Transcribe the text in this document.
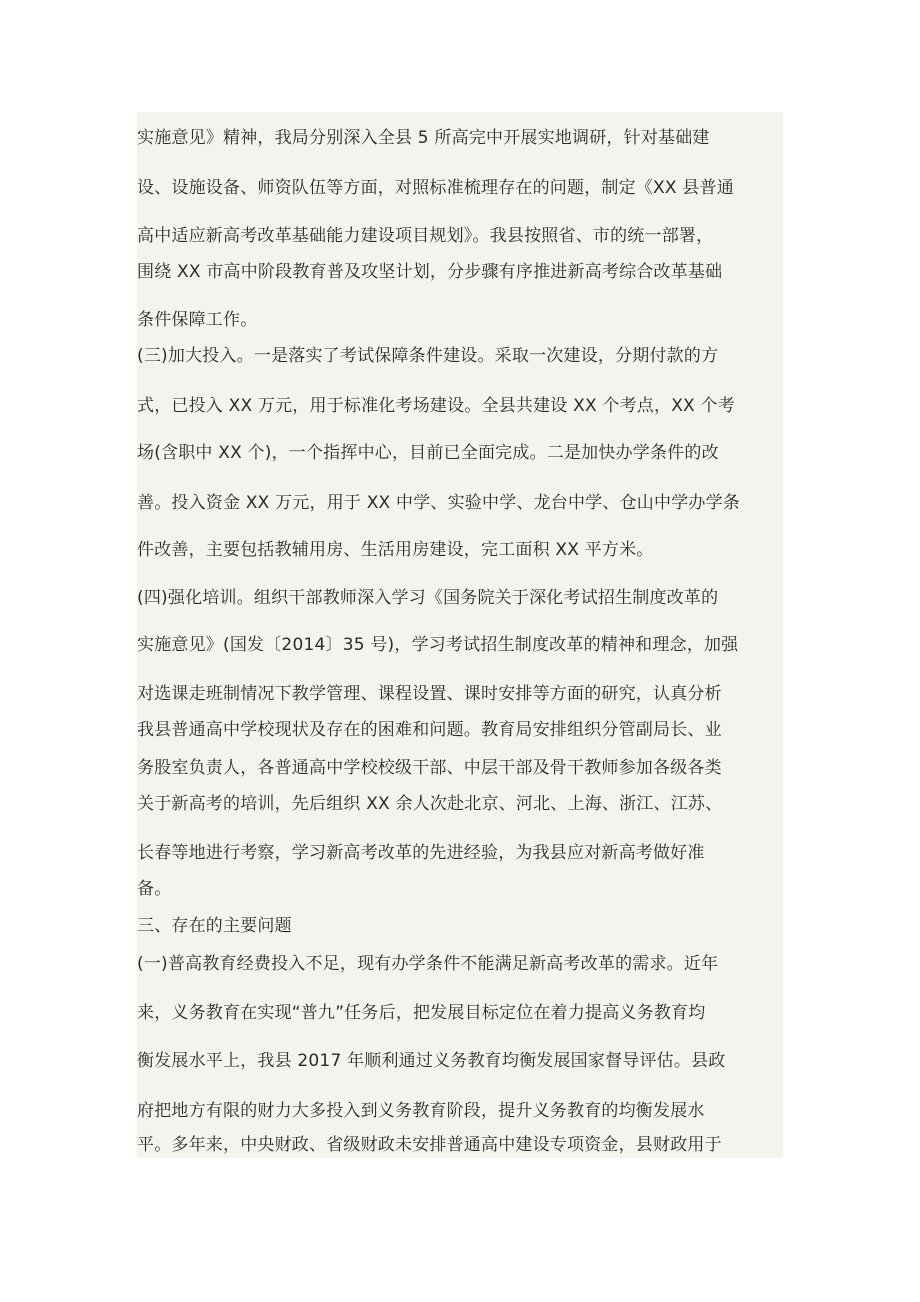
实施意见》精神，我局分别深入全县 5 所高完中开展实地调研，针对基础建
设、设施设备、师资队伍等方面，对照标准梳理存在的问题，制定《XX 县普通
高中适应新高考改革基础能力建设项目规划》。我县按照省、市的统一部署，
围绕 XX 市高中阶段教育普及攻坚计划，分步骤有序推进新高考综合改革基础
条件保障工作。
(三)加大投入。一是落实了考试保障条件建设。采取一次建设，分期付款的方
式，已投入 XX 万元，用于标准化考场建设。全县共建设 XX 个考点，XX 个考
场(含职中 XX 个)，一个指挥中心，目前已全面完成。二是加快办学条件的改
善。投入资金 XX 万元，用于 XX 中学、实验中学、龙台中学、仓山中学办学条
件改善，主要包括教辅用房、生活用房建设，完工面积 XX 平方米。
(四)强化培训。组织干部教师深入学习《国务院关于深化考试招生制度改革的
实施意见》(国发〔2014〕35 号)，学习考试招生制度改革的精神和理念，加强
对选课走班制情况下教学管理、课程设置、课时安排等方面的研究，认真分析
我县普通高中学校现状及存在的困难和问题。教育局安排组织分管副局长、业
务股室负责人，各普通高中学校校级干部、中层干部及骨干教师参加各级各类
关于新高考的培训，先后组织 XX 余人次赴北京、河北、上海、浙江、江苏、
长春等地进行考察，学习新高考改革的先进经验，为我县应对新高考做好准
备。
三、存在的主要问题
(一)普高教育经费投入不足，现有办学条件不能满足新高考改革的需求。近年
来，义务教育在实现“普九”任务后，把发展目标定位在着力提高义务教育均
衡发展水平上，我县 2017 年顺利通过义务教育均衡发展国家督导评估。县政
府把地方有限的财力大多投入到义务教育阶段，提升义务教育的均衡发展水
平。多年来，中央财政、省级财政未安排普通高中建设专项资金，县财政用于
